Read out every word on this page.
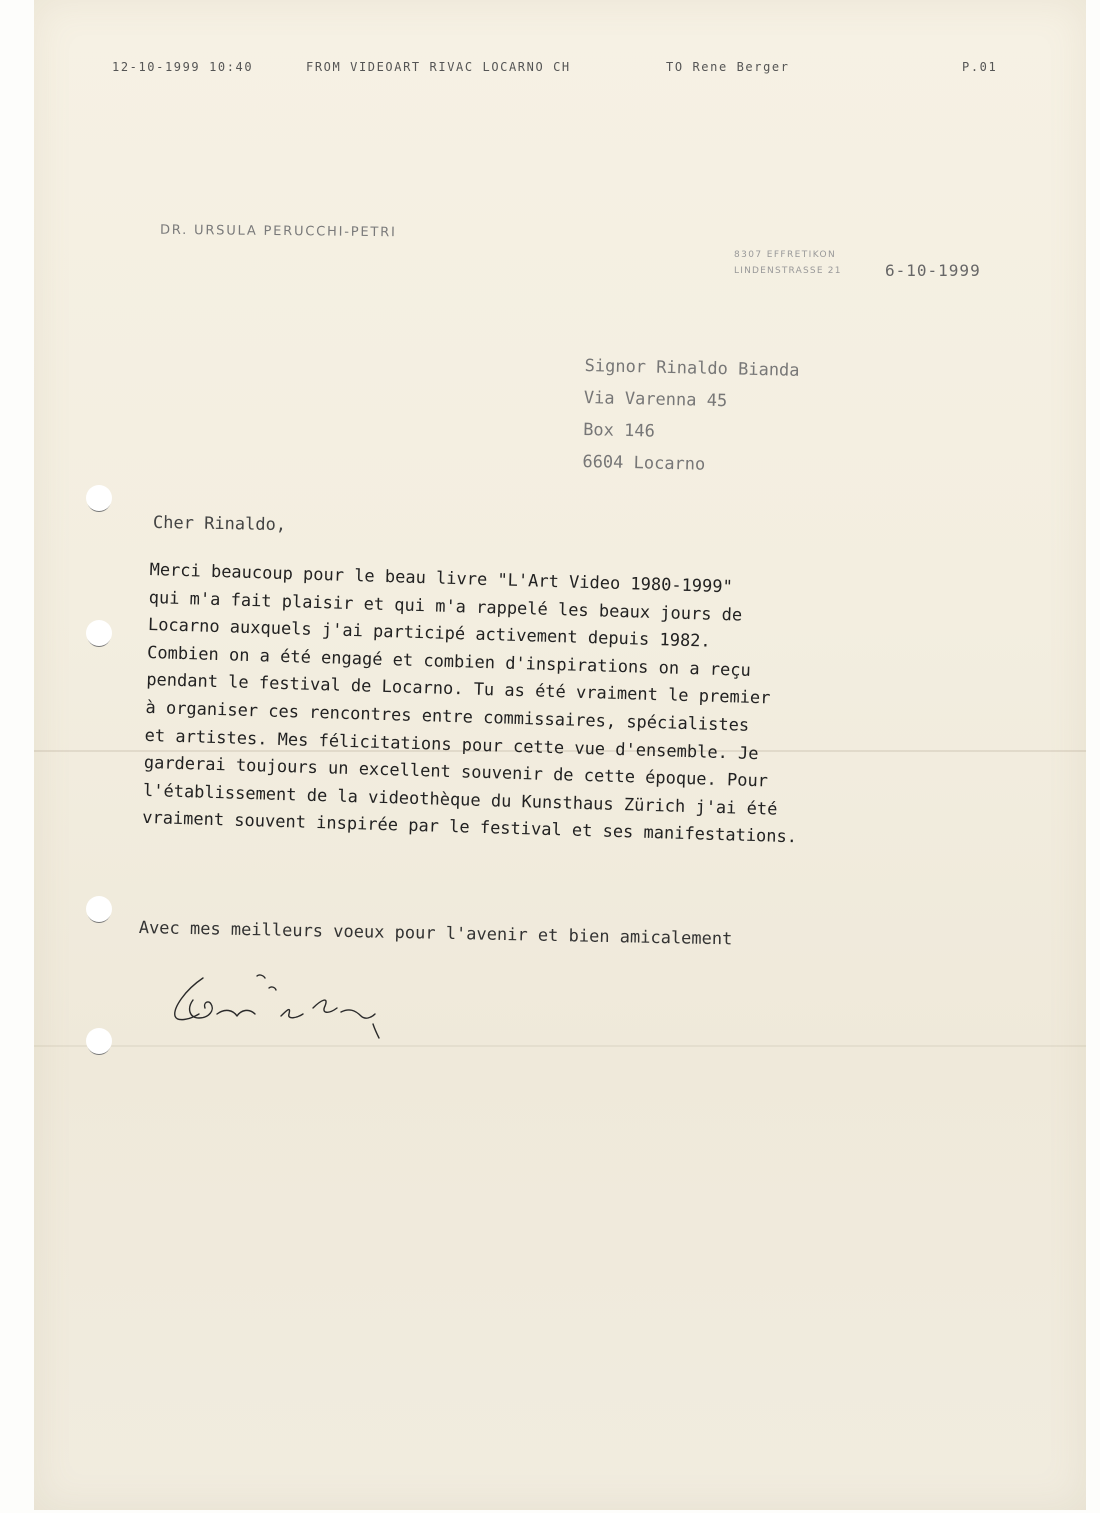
12-10-1999 10:40	FROM VIDEOART RIVAC LOCARNO CH	TO Rene Berger	P.01
DR. URSULA PERUCCHI-PETRI
8307 EFFRETIKON
LINDENSTRASSE 21	6-10-1999
Signor Rinaldo Bianda
Via Varenna 45
Box 146
6604 Locarno
Cher Rinaldo,
Merci beaucoup pour le beau livre "L'Art Video 1980-1999"
qui m'a fait plaisir et qui m'a rappelé les beaux jours de
Locarno auxquels j'ai participé activement depuis 1982.
Combien on a été engagé et combien d'inspirations on a reçu
pendant le festival de Locarno. Tu as été vraiment le premier
à organiser ces rencontres entre commissaires, spécialistes
et artistes. Mes félicitations pour cette vue d'ensemble. Je
garderai toujours un excellent souvenir de cette époque. Pour
l'établissement de la videothèque du Kunsthaus Zürich j'ai été
vraiment souvent inspirée par le festival et ses manifestations.
Avec mes meilleurs voeux pour l'avenir et bien amicalement
